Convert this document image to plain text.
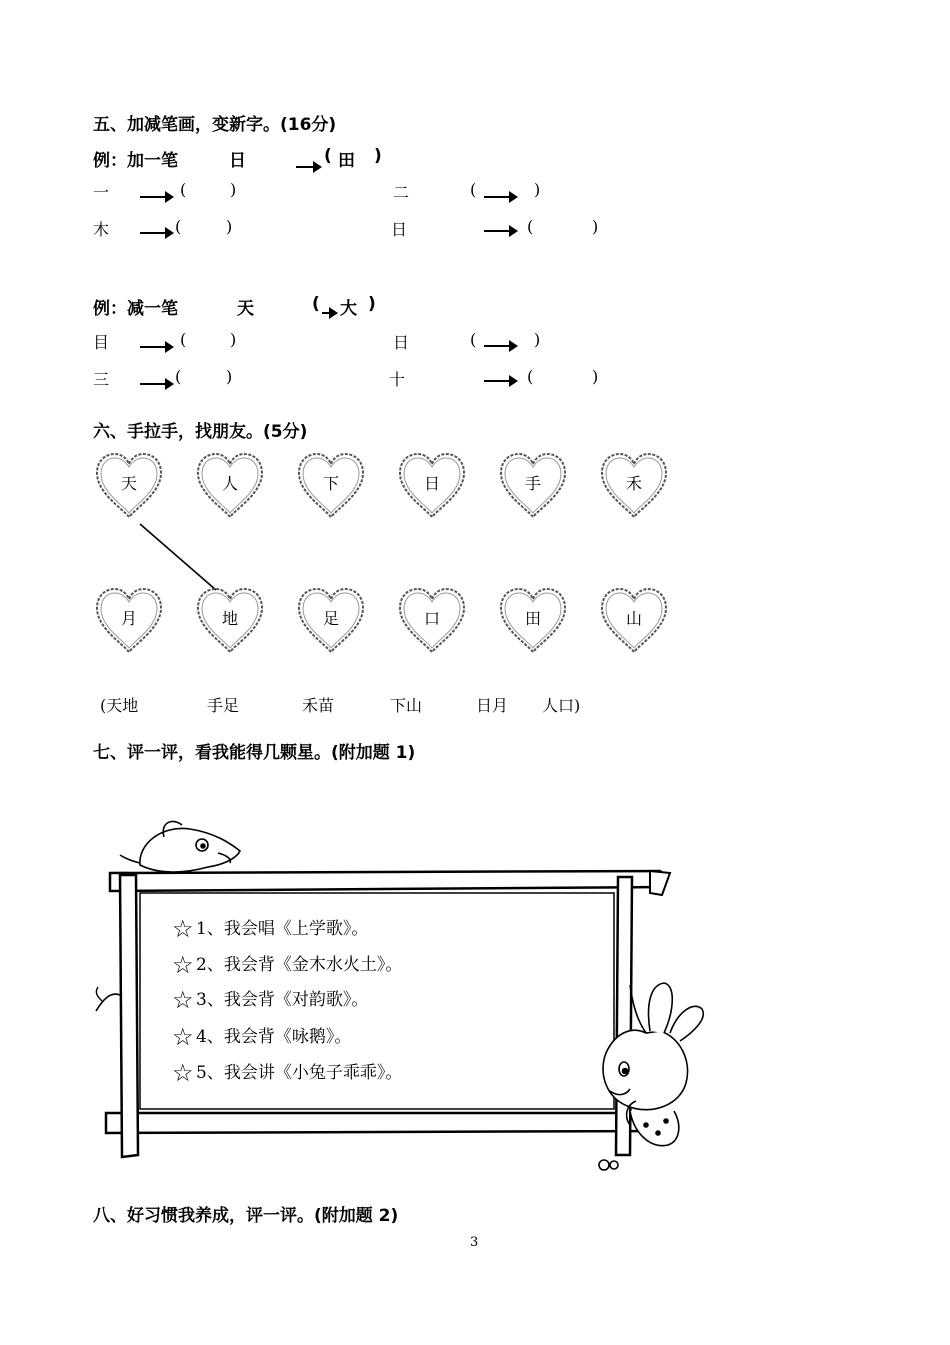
五、加减笔画，变新字。(16分)
例：加一笔	日	( 田 )
一	(	)	二	(	)
木	(	)	日	(	)
例：减一笔	天	( 大 )
目	(	)	日	(	)
三	(	)	十	(	)
六、手拉手，找朋友。(5分)
天	人	下	日	手	禾
月	地	足	口	田	山
(天地	手足	禾苗	下山	日月 人口)
七、评一评，看我能得几颗星。(附加题 1)
☆ 1、我会唱《上学歌》。
☆ 2、我会背《金木水火土》。
☆ 3、我会背《对韵歌》。
☆ 4、我会背《咏鹅》。
☆ 5、我会讲《小兔子乖乖》。
八、好习惯我养成，评一评。(附加题 2)
3
